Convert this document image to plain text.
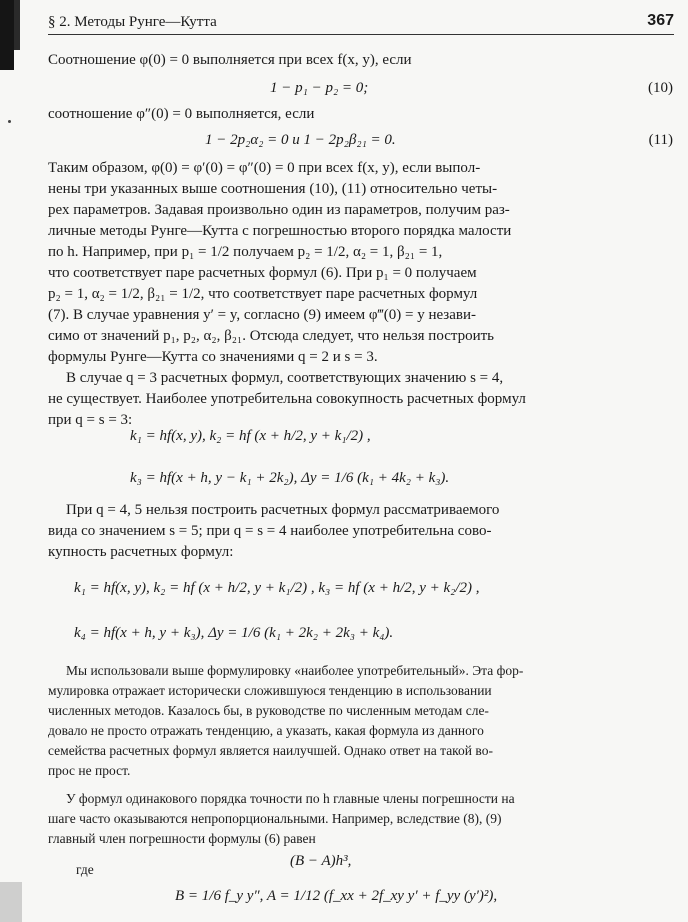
§ 2. Методы Рунге—Кутта	367
Соотношение φ(0) = 0 выполняется при всех f(x, y), если
1 − p₁ − p₂ = 0;	(10)
соотношение φ″(0) = 0 выполняется, если
1 − 2p₂α₂ = 0 и 1 − 2p₂β₂₁ = 0.	(11)
Таким образом, φ(0) = φ′(0) = φ″(0) = 0 при всех f(x, y), если выпол-
нены три указанных выше соотношения (10), (11) относительно четы-
рех параметров. Задавая произвольно один из параметров, получим раз-
личные методы Рунге—Кутта с погрешностью второго порядка малости
по h. Например, при p₁ = 1/2 получаем p₂ = 1/2, α₂ = 1, β₂₁ = 1,
что соответствует паре расчетных формул (6). При p₁ = 0 получаем
p₂ = 1, α₂ = 1/2, β₂₁ = 1/2, что соответствует паре расчетных формул
(7). В случае уравнения y′ = y, согласно (9) имеем φ‴(0) = y незави-
симо от значений p₁, p₂, α₂, β₂₁. Отсюда следует, что нельзя построить
формулы Рунге—Кутта со значениями q = 2 и s = 3.
В случае q = 3 расчетных формул, соответствующих значению s = 4,
не существует. Наиболее употребительна совокупность расчетных формул
при q = s = 3:
k₁ = hf(x, y), k₂ = hf (x + h/2, y + k₁/2) ,
k₃ = hf(x + h, y − k₁ + 2k₂), Δy = 1/6 (k₁ + 4k₂ + k₃).
При q = 4, 5 нельзя построить расчетных формул рассматриваемого
вида со значением s = 5; при q = s = 4 наиболее употребительна сово-
купность расчетных формул:
k₁ = hf(x, y), k₂ = hf (x + h/2, y + k₁/2) , k₃ = hf (x + h/2, y + k₂/2) ,
k₄ = hf(x + h, y + k₃), Δy = 1/6 (k₁ + 2k₂ + 2k₃ + k₄).
Мы использовали выше формулировку «наиболее употребительный». Эта фор-
мулировка отражает исторически сложившуюся тенденцию в использовании
численных методов. Казалось бы, в руководстве по численным методам сле-
довало не просто отражать тенденцию, а указать, какая формула из данного
семейства расчетных формул является наилучшей. Однако ответ на такой во-
прос не прост.
У формул одинакового порядка точности по h главные члены погрешности на
шаге часто оказываются непропорциональными. Например, вследствие (8), (9)
главный член погрешности формулы (6) равен
(B − A)h³,
где
B = 1/6 f_y y″, A = 1/12 (f_xx + 2f_xy y′ + f_yy (y′)²),
